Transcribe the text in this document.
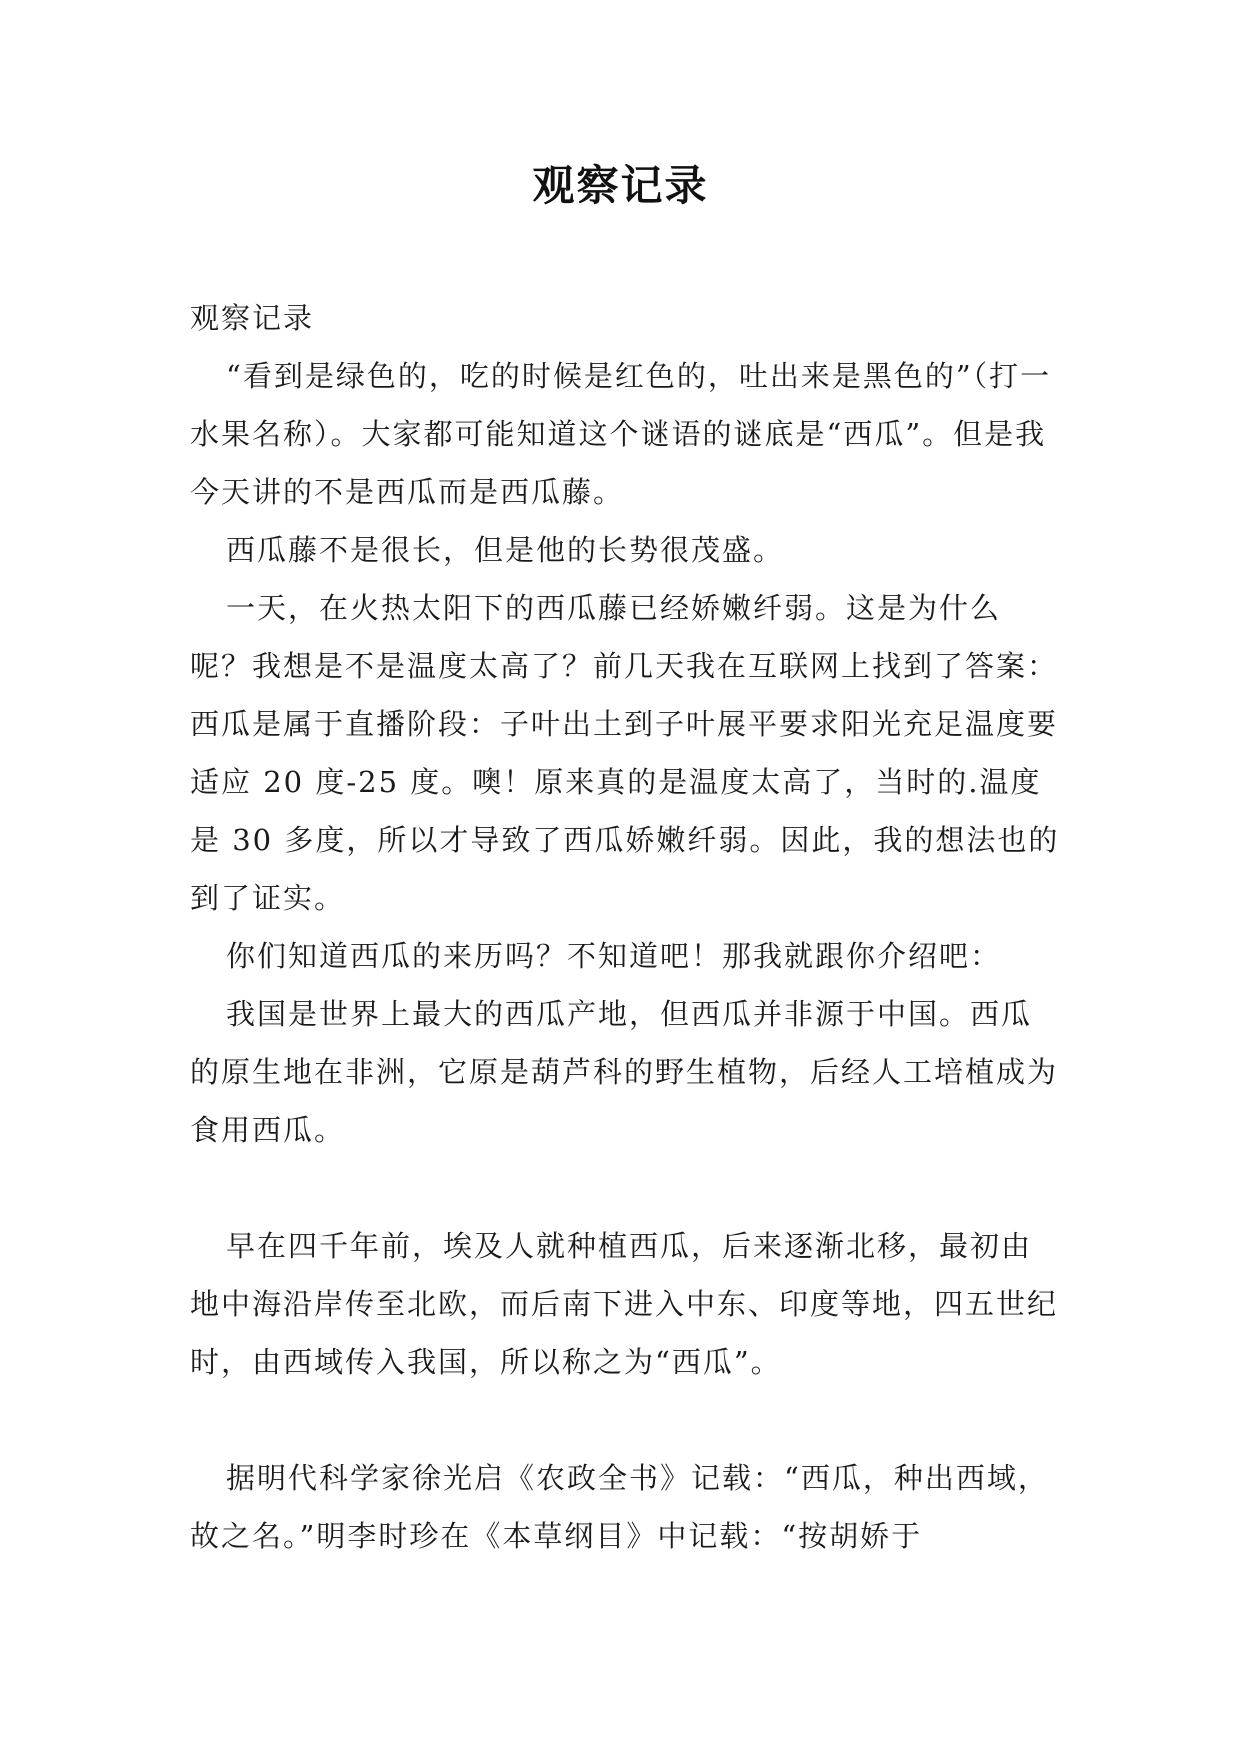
观察记录

观察记录

“看到是绿色的，吃的时候是红色的，吐出来是黑色的”（打一水果名称）。大家都可能知道这个谜语的谜底是“西瓜”。但是我今天讲的不是西瓜而是西瓜藤。

西瓜藤不是很长，但是他的长势很茂盛。

一天，在火热太阳下的西瓜藤已经娇嫩纤弱。这是为什么呢？我想是不是温度太高了？前几天我在互联网上找到了答案：西瓜是属于直播阶段：子叶出土到子叶展平要求阳光充足温度要适应 20 度-25 度。噢！原来真的是温度太高了，当时的.温度是 30 多度，所以才导致了西瓜娇嫩纤弱。因此，我的想法也的到了证实。

你们知道西瓜的来历吗？不知道吧！那我就跟你介绍吧：

我国是世界上最大的西瓜产地，但西瓜并非源于中国。西瓜的原生地在非洲，它原是葫芦科的野生植物，后经人工培植成为食用西瓜。

早在四千年前，埃及人就种植西瓜，后来逐渐北移，最初由地中海沿岸传至北欧，而后南下进入中东、印度等地，四五世纪时，由西域传入我国，所以称之为“西瓜”。

据明代科学家徐光启《农政全书》记载：“西瓜，种出西域，故之名。”明李时珍在《本草纲目》中记载：“按胡娇于
